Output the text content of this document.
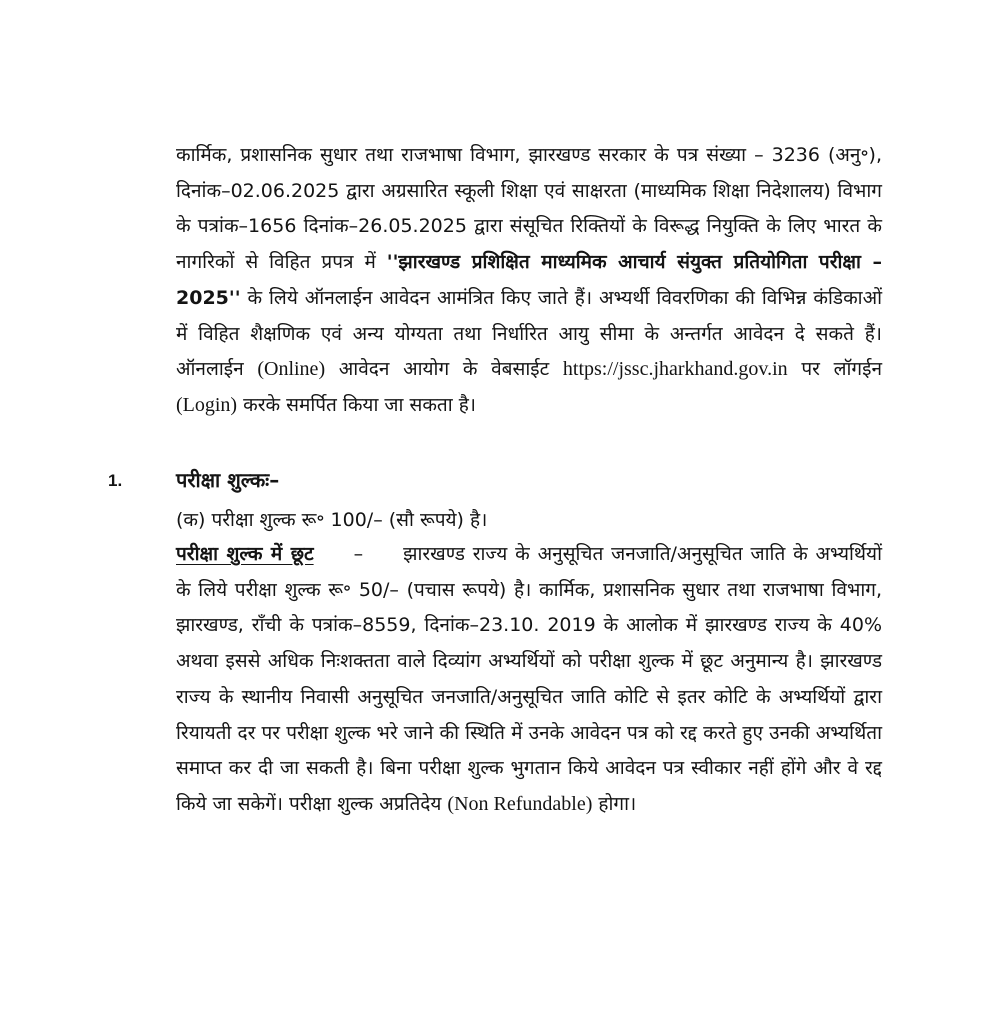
कार्मिक, प्रशासनिक सुधार तथा राजभाषा विभाग, झारखण्ड सरकार के पत्र संख्या – 3236 (अनु॰), दिनांक–02.06.2025 द्वारा अग्रसारित स्कूली शिक्षा एवं साक्षरता (माध्यमिक शिक्षा निदेशालय) विभाग के पत्रांक–1656 दिनांक–26.05.2025 द्वारा संसूचित रिक्तियों के विरूद्ध नियुक्ति के लिए भारत के नागरिकों से विहित प्रपत्र में ''झारखण्ड प्रशिक्षित माध्यमिक आचार्य संयुक्त प्रतियोगिता परीक्षा – 2025'' के लिये ऑनलाईन आवेदन आमंत्रित किए जाते हैं। अभ्यर्थी विवरणिका की विभिन्न कंडिकाओं में विहित शैक्षणिक एवं अन्य योग्यता तथा निर्धारित आयु सीमा के अन्तर्गत आवेदन दे सकते हैं। ऑनलाईन (Online) आवेदन आयोग के वेबसाईट https://jssc.jharkhand.gov.in पर लॉगईन (Login) करके समर्पित किया जा सकता है।

1.	परीक्षा शुल्कः–
(क) परीक्षा शुल्क रू॰ 100/– (सौ रूपये) है।

परीक्षा शुल्क में छूट – झारखण्ड राज्य के अनुसूचित जनजाति/अनुसूचित जाति के अभ्यर्थियों के लिये परीक्षा शुल्क रू॰ 50/– (पचास रूपये) है। कार्मिक, प्रशासनिक सुधार तथा राजभाषा विभाग, झारखण्ड, राँची के पत्रांक–8559, दिनांक–23.10. 2019 के आलोक में झारखण्ड राज्य के 40% अथवा इससे अधिक निःशक्तता वाले दिव्यांग अभ्यर्थियों को परीक्षा शुल्क में छूट अनुमान्य है। झारखण्ड राज्य के स्थानीय निवासी अनुसूचित जनजाति/अनुसूचित जाति कोटि से इतर कोटि के अभ्यर्थियों द्वारा रियायती दर पर परीक्षा शुल्क भरे जाने की स्थिति में उनके आवेदन पत्र को रद्द करते हुए उनकी अभ्यर्थिता समाप्त कर दी जा सकती है। बिना परीक्षा शुल्क भुगतान किये आवेदन पत्र स्वीकार नहीं होंगे और वे रद्द किये जा सकेगें। परीक्षा शुल्क अप्रतिदेय (Non Refundable) होगा।
